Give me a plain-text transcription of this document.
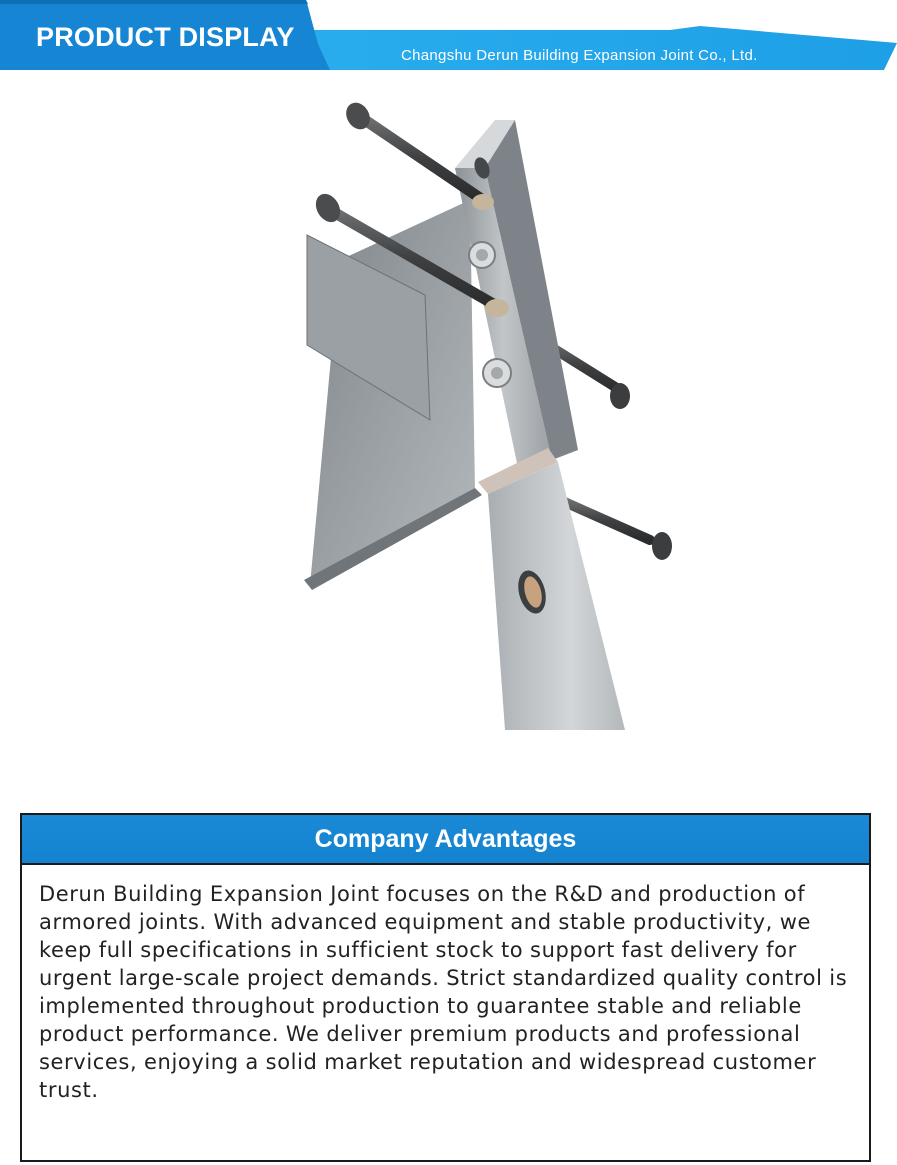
PRODUCT DISPLAY
Changshu Derun Building Expansion Joint Co., Ltd.
Company Advantages
Derun Building Expansion Joint focuses on the R&D and production of armored joints. With advanced equipment and stable productivity, we keep full specifications in sufficient stock to support fast delivery for urgent large-scale project demands. Strict standardized quality control is implemented throughout production to guarantee stable and reliable product performance. We deliver premium products and professional services, enjoying a solid market reputation and widespread customer trust.
